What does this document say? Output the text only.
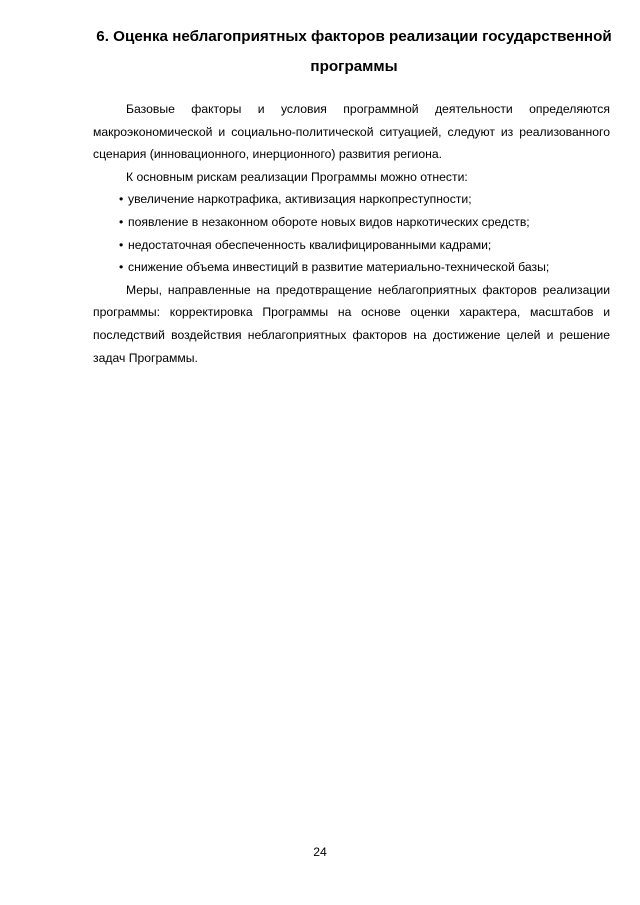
6. Оценка неблагоприятных факторов реализации государственной
программы

Базовые факторы и условия программной деятельности определяются макроэкономической и социально-политической ситуацией, следуют из реализованного сценария (инновационного, инерционного) развития региона.

К основным рискам реализации Программы можно отнести:

• увеличение наркотрафика, активизация наркопреступности;

• появление в незаконном обороте новых видов наркотических средств;

• недостаточная обеспеченность квалифицированными кадрами;

• снижение объема инвестиций в развитие материально-технической базы;

Меры, направленные на предотвращение неблагоприятных факторов реализации программы: корректировка Программы на основе оценки характера, масштабов и последствий воздействия неблагоприятных факторов на достижение целей и решение задач Программы.

24
